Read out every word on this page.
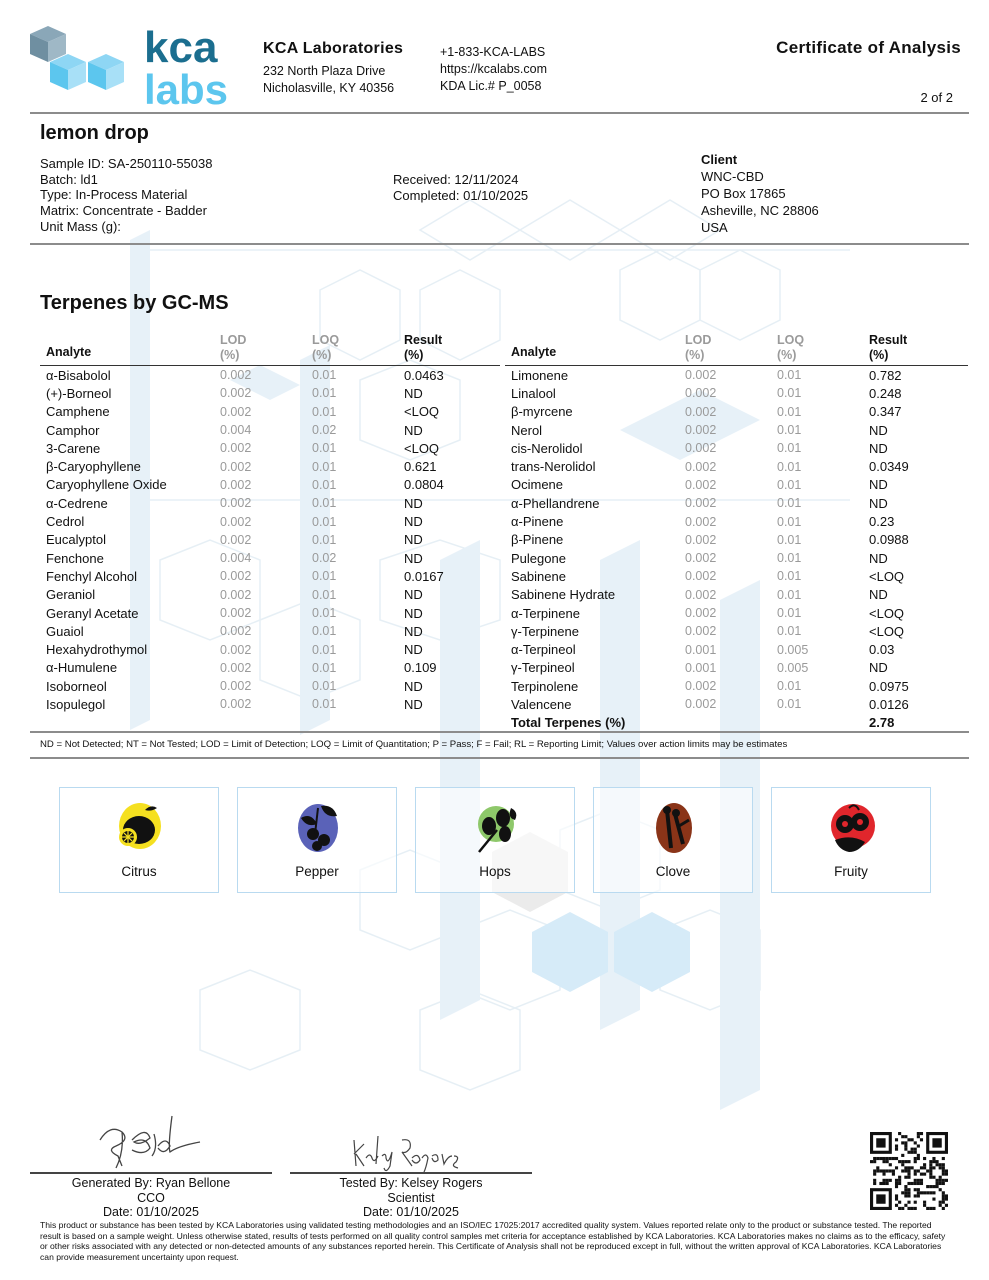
kca
labs
KCA Laboratories
232 North Plaza Drive
Nicholasville, KY 40356
+1-833-KCA-LABS
https://kcalabs.com
KDA Lic.# P_0058
Certificate of Analysis
2 of 2
lemon drop
Sample ID: SA-250110-55038
Batch: ld1
Type: In-Process Material
Matrix: Concentrate - Badder
Unit Mass (g):
Received: 12/11/2024
Completed: 01/10/2025
Client
WNC-CBD
PO Box 17865
Asheville, NC 28806
USA
Terpenes by GC-MS
Analyte
LOD
(%)
LOQ
(%)
Result
(%)
α-Bisabolol	0.002	0.01	0.0463
(+)-Borneol	0.002	0.01	ND
Camphene	0.002	0.01	<LOQ
Camphor	0.004	0.02	ND
3-Carene	0.002	0.01	<LOQ
β-Caryophyllene	0.002	0.01	0.621
Caryophyllene Oxide	0.002	0.01	0.0804
α-Cedrene	0.002	0.01	ND
Cedrol	0.002	0.01	ND
Eucalyptol	0.002	0.01	ND
Fenchone	0.004	0.02	ND
Fenchyl Alcohol	0.002	0.01	0.0167
Geraniol	0.002	0.01	ND
Geranyl Acetate	0.002	0.01	ND
Guaiol	0.002	0.01	ND
Hexahydrothymol	0.002	0.01	ND
α-Humulene	0.002	0.01	0.109
Isoborneol	0.002	0.01	ND
Isopulegol	0.002	0.01	ND
Analyte
LOD
(%)
LOQ
(%)
Result
(%)
Limonene	0.002	0.01	0.782
Linalool	0.002	0.01	0.248
β-myrcene	0.002	0.01	0.347
Nerol	0.002	0.01	ND
cis-Nerolidol	0.002	0.01	ND
trans-Nerolidol	0.002	0.01	0.0349
Ocimene	0.002	0.01	ND
α-Phellandrene	0.002	0.01	ND
α-Pinene	0.002	0.01	0.23
β-Pinene	0.002	0.01	0.0988
Pulegone	0.002	0.01	ND
Sabinene	0.002	0.01	<LOQ
Sabinene Hydrate	0.002	0.01	ND
α-Terpinene	0.002	0.01	<LOQ
γ-Terpinene	0.002	0.01	<LOQ
α-Terpineol	0.001	0.005	0.03
γ-Terpineol	0.001	0.005	ND
Terpinolene	0.002	0.01	0.0975
Valencene	0.002	0.01	0.0126
Total Terpenes (%)	2.78
ND = Not Detected; NT = Not Tested; LOD = Limit of Detection; LOQ = Limit of Quantitation; P = Pass; F = Fail; RL = Reporting Limit; Values over action limits may be estimates
Citrus	Pepper	Hops	Clove	Fruity
Generated By: Ryan Bellone
CCO
Date: 01/10/2025
Tested By: Kelsey Rogers
Scientist
Date: 01/10/2025
This product or substance has been tested by KCA Laboratories using validated testing methodologies and an ISO/IEC 17025:2017 accredited quality system. Values reported relate only to the product or substance tested. The reported result is based on a sample weight. Unless otherwise stated, results of tests performed on all quality control samples met criteria for acceptance established by KCA Laboratories. KCA Laboratories makes no claims as to the efficacy, safety or other risks associated with any detected or non-detected amounts of any substances reported herein. This Certificate of Analysis shall not be reproduced except in full, without the written approval of KCA Laboratories. KCA Laboratories can provide measurement uncertainty upon request.
